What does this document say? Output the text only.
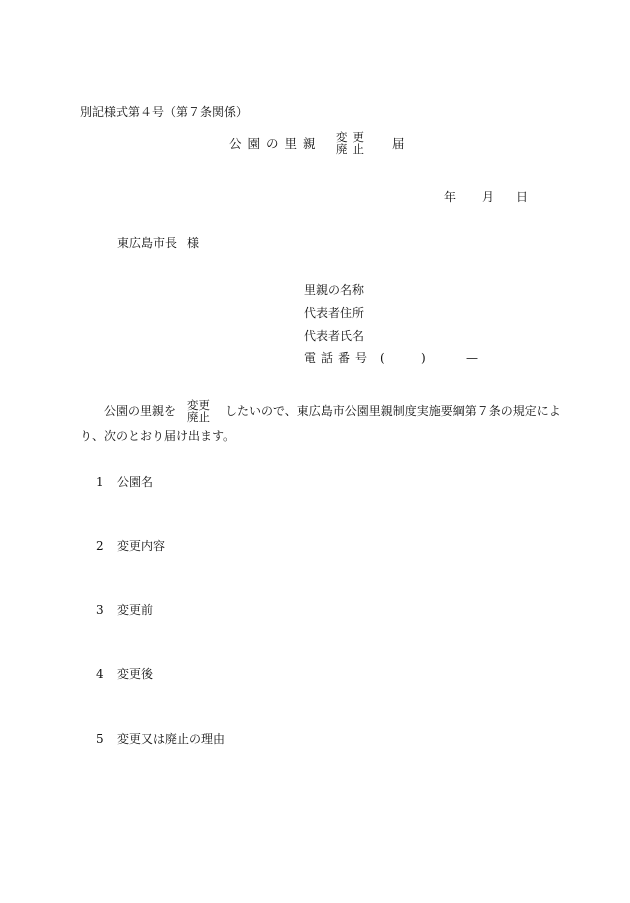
別記様式第４号（第７条関係）
公園の里親 変更
廃止 届
年 月 日
東広島市長 様
里親の名称
代表者住所
代表者氏名
電話番号 (	)	—
公園の里親を 変更
廃止 したいので、東広島市公園里親制度実施要綱第７条の規定によ
り、次のとおり届け出ます。
1 公園名
2 変更内容
3 変更前
4 変更後
5 変更又は廃止の理由
